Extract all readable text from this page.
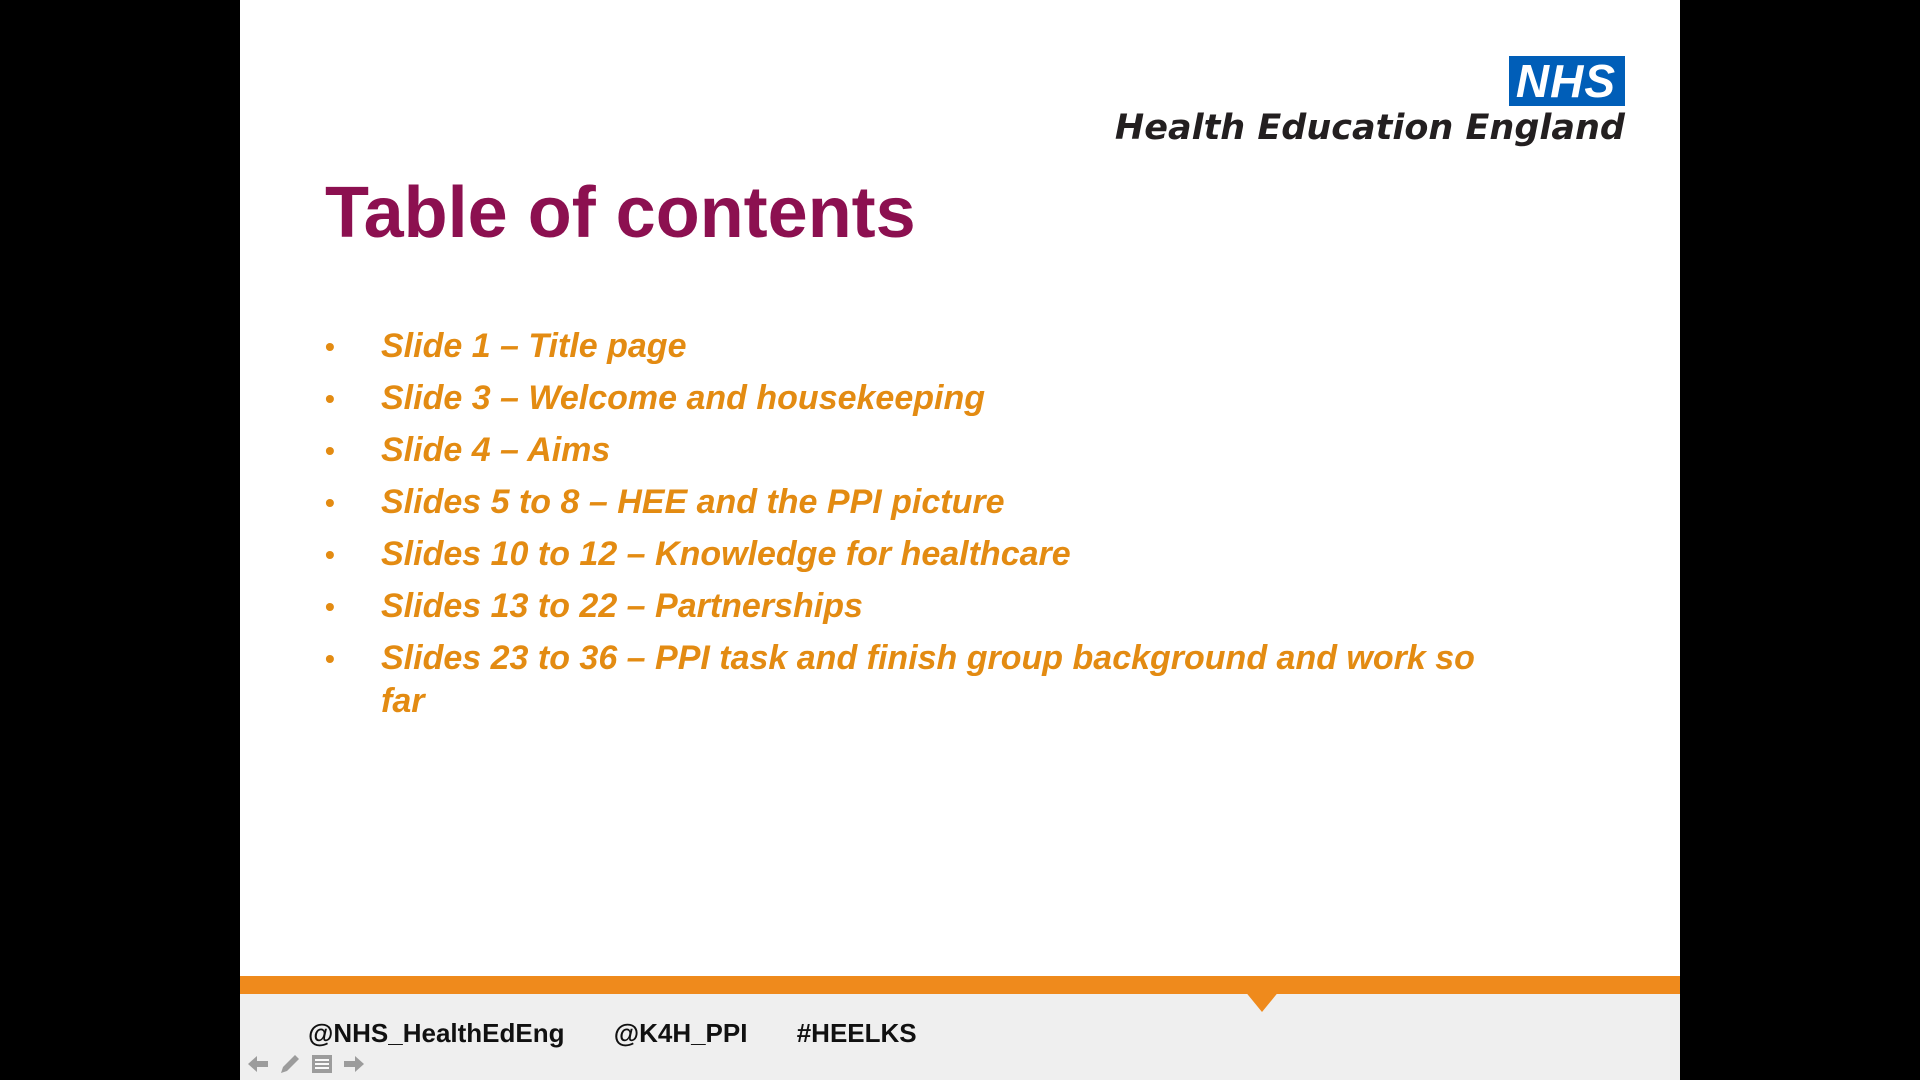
NHS
Health Education England
Table of contents
• Slide 1 – Title page
• Slide 3 – Welcome and housekeeping
• Slide 4 – Aims
• Slides 5 to 8 – HEE and the PPI picture
• Slides 10 to 12 – Knowledge for healthcare
• Slides 13 to 22 – Partnerships
• Slides 23 to 36 – PPI task and finish group background and work so far
@NHS_HealthEdEng @K4H_PPI #HEELKS
